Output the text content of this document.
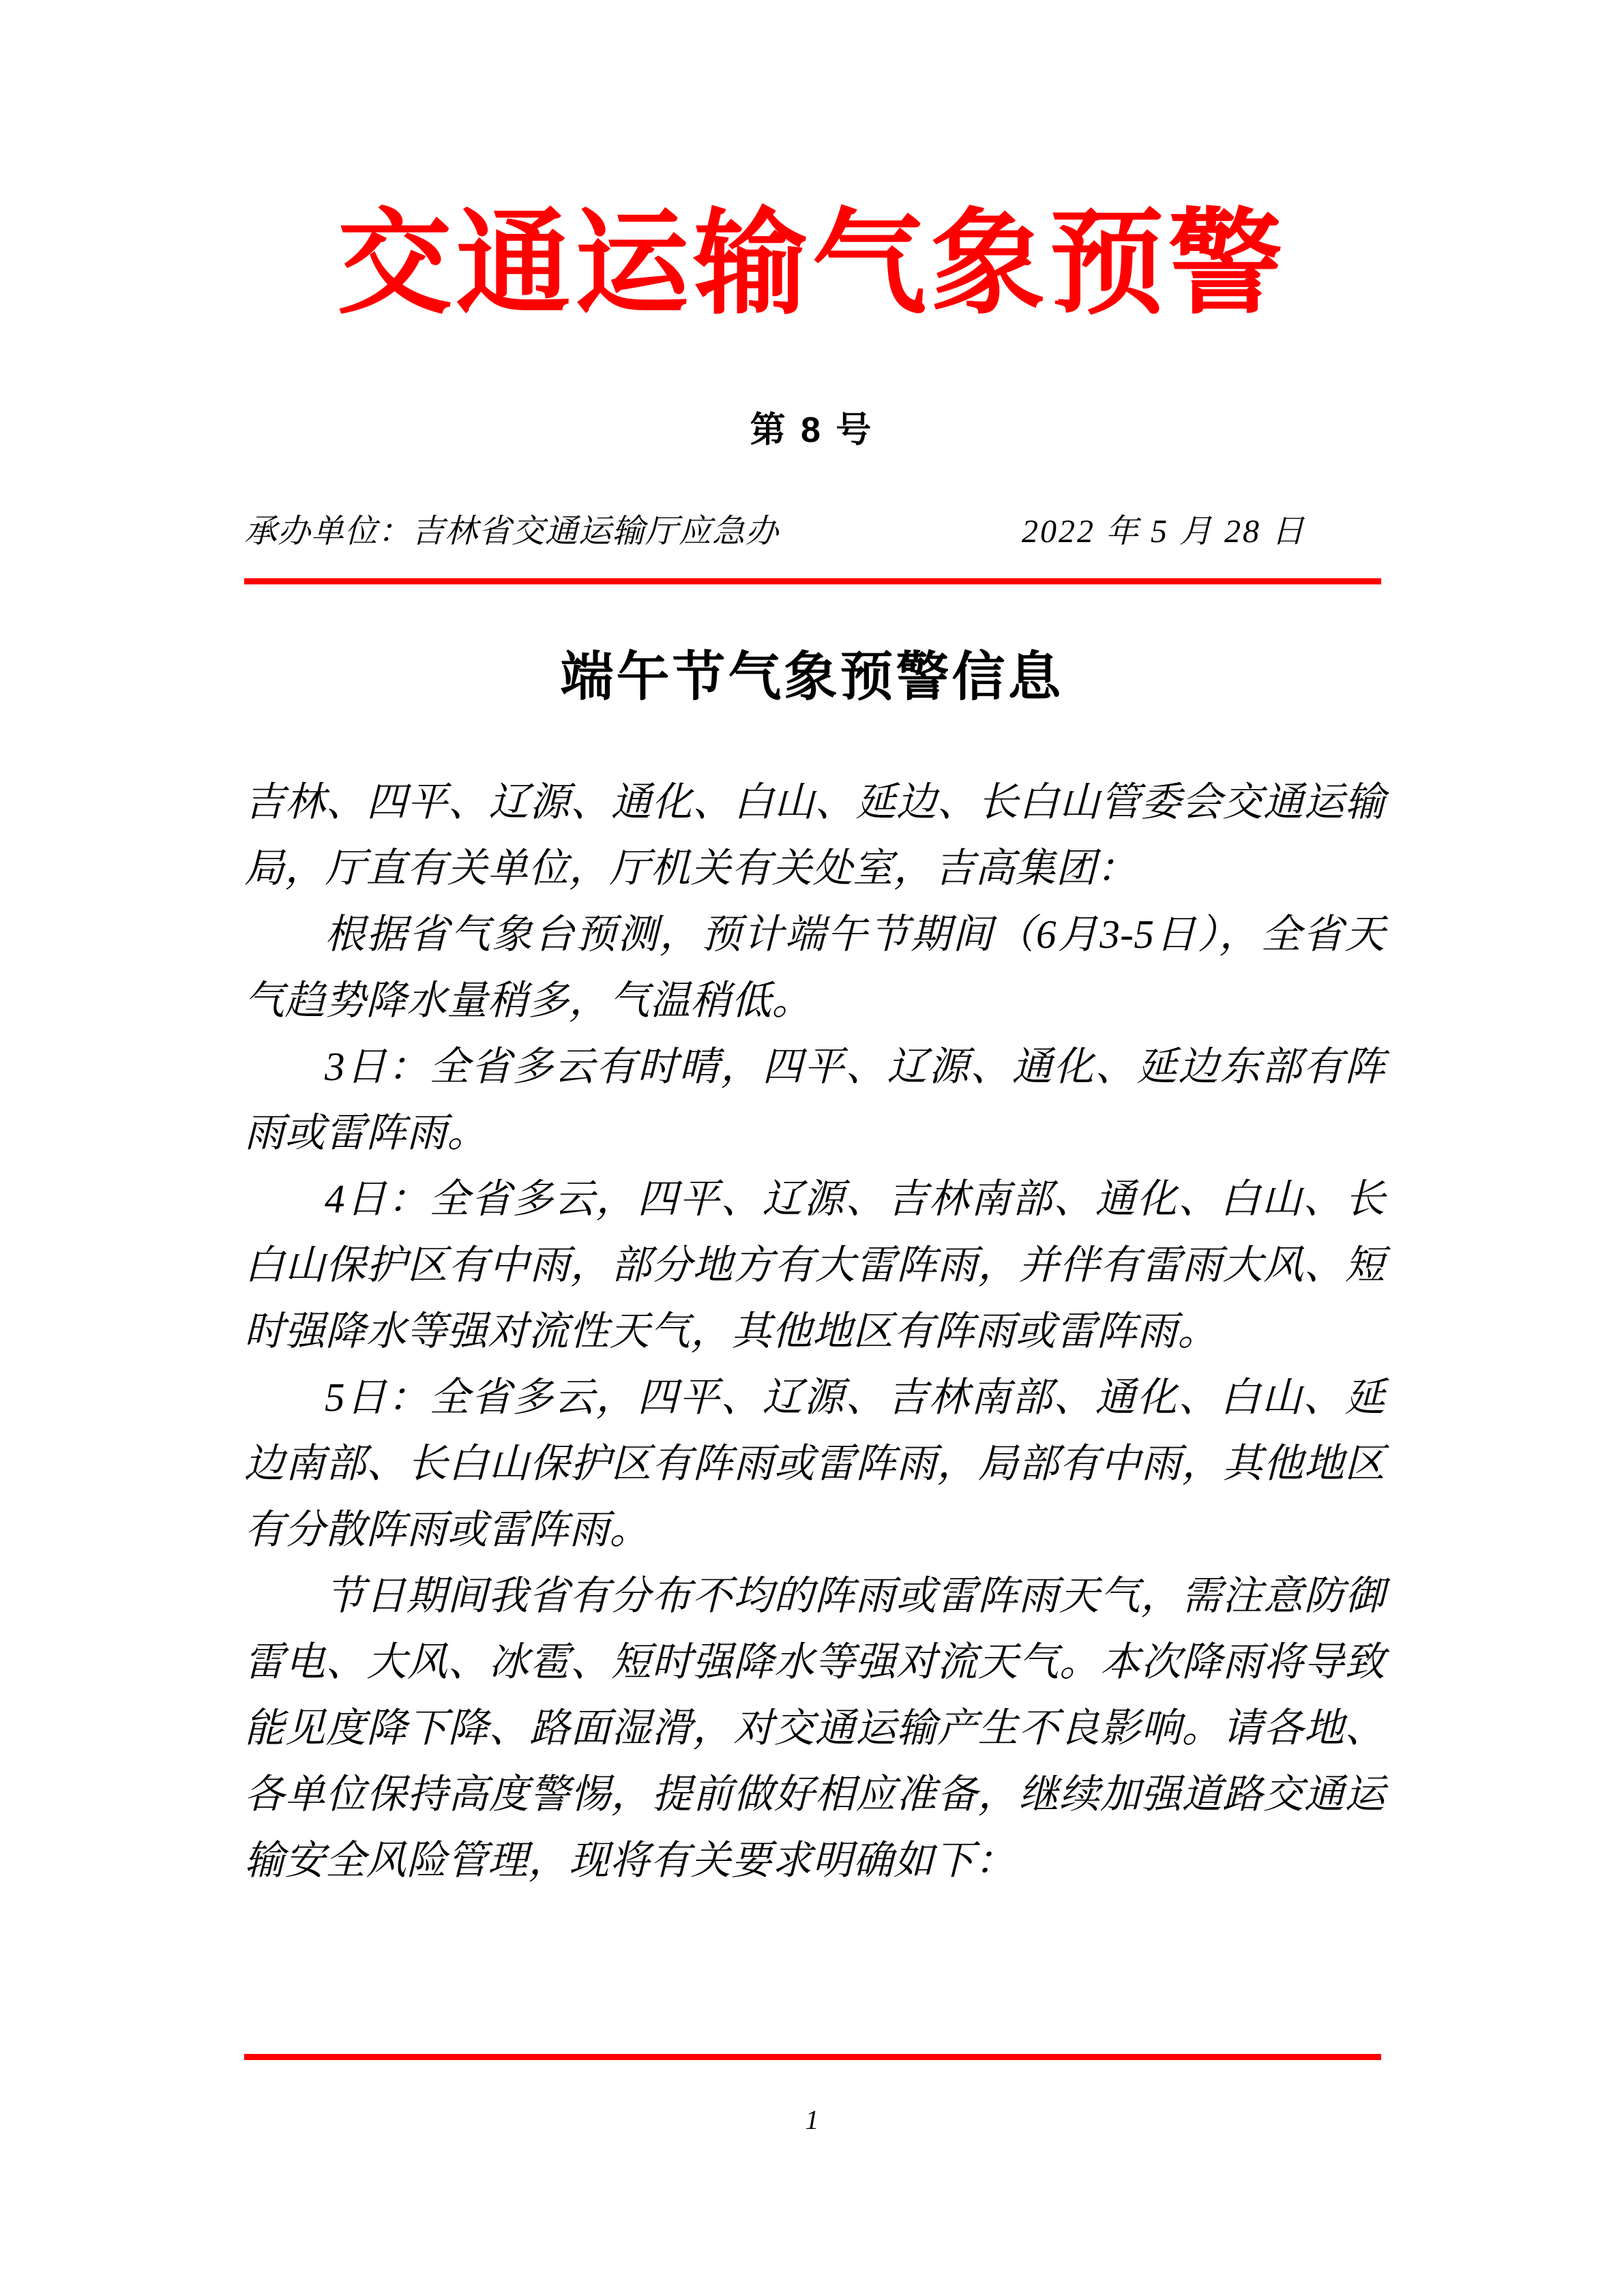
交通运输气象预警
第 8 号
承办单位：吉林省交通运输厅应急办	2022 年 5 月 28 日
端午节气象预警信息

吉林、四平、辽源、通化、白山、延边、长白山管委会交通运输局，厅直有关单位，厅机关有关处室，吉高集团：

根据省气象台预测，预计端午节期间（6月3-5日），全省天气趋势降水量稍多，气温稍低。

3日：全省多云有时晴，四平、辽源、通化、延边东部有阵雨或雷阵雨。

4日：全省多云，四平、辽源、吉林南部、通化、白山、长白山保护区有中雨，部分地方有大雷阵雨，并伴有雷雨大风、短时强降水等强对流性天气，其他地区有阵雨或雷阵雨。

5日：全省多云，四平、辽源、吉林南部、通化、白山、延边南部、长白山保护区有阵雨或雷阵雨，局部有中雨，其他地区有分散阵雨或雷阵雨。

节日期间我省有分布不均的阵雨或雷阵雨天气，需注意防御雷电、大风、冰雹、短时强降水等强对流天气。本次降雨将导致能见度降下降、路面湿滑，对交通运输产生不良影响。请各地、各单位保持高度警惕，提前做好相应准备，继续加强道路交通运输安全风险管理，现将有关要求明确如下：

1
